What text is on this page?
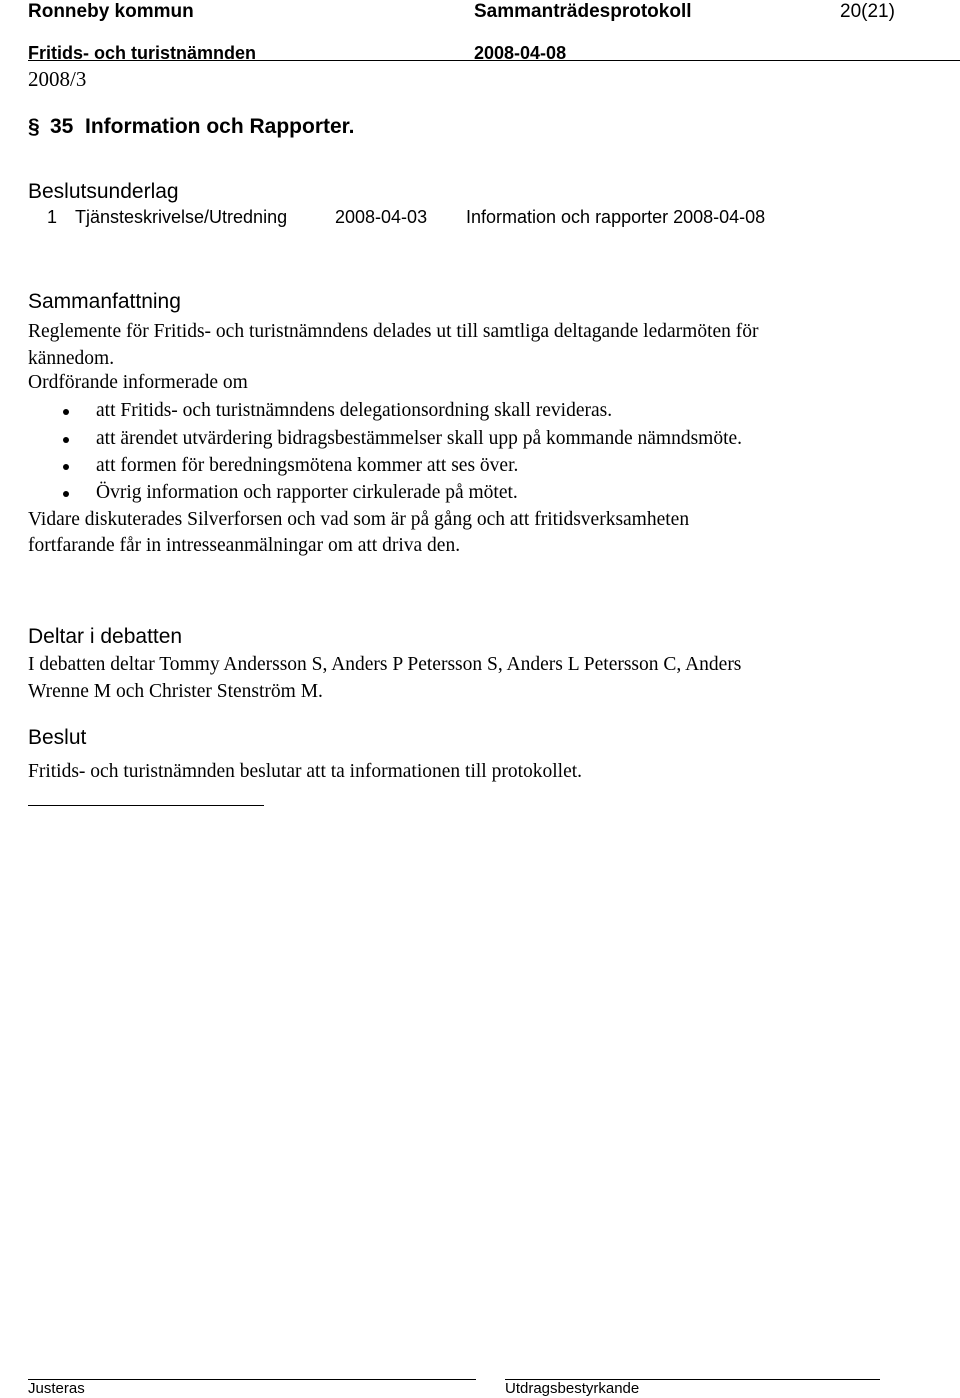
Ronneby kommun	Sammanträdesprotokoll	20(21)
Fritids- och turistnämnden	2008-04-08
2008/3
§ 35 Information och Rapporter.
Beslutsunderlag
1 Tjänsteskrivelse/Utredning	2008-04-03 Information och rapporter 2008-04-08
Sammanfattning
Reglemente för Fritids- och turistnämndens delades ut till samtliga deltagande ledarmöten för
kännedom.
Ordförande informerade om
att Fritids- och turistnämndens delegationsordning skall revideras.
att ärendet utvärdering bidragsbestämmelser skall upp på kommande nämndsmöte.
att formen för beredningsmötena kommer att ses över.
Övrig information och rapporter cirkulerade på mötet.
Vidare diskuterades Silverforsen och vad som är på gång och att fritidsverksamheten
fortfarande får in intresseanmälningar om att driva den.
Deltar i debatten
I debatten deltar Tommy Andersson S, Anders P Petersson S, Anders L Petersson C, Anders
Wrenne M och Christer Stenström M.
Beslut
Fritids- och turistnämnden beslutar att ta informationen till protokollet.
Justeras	Utdragsbestyrkande
